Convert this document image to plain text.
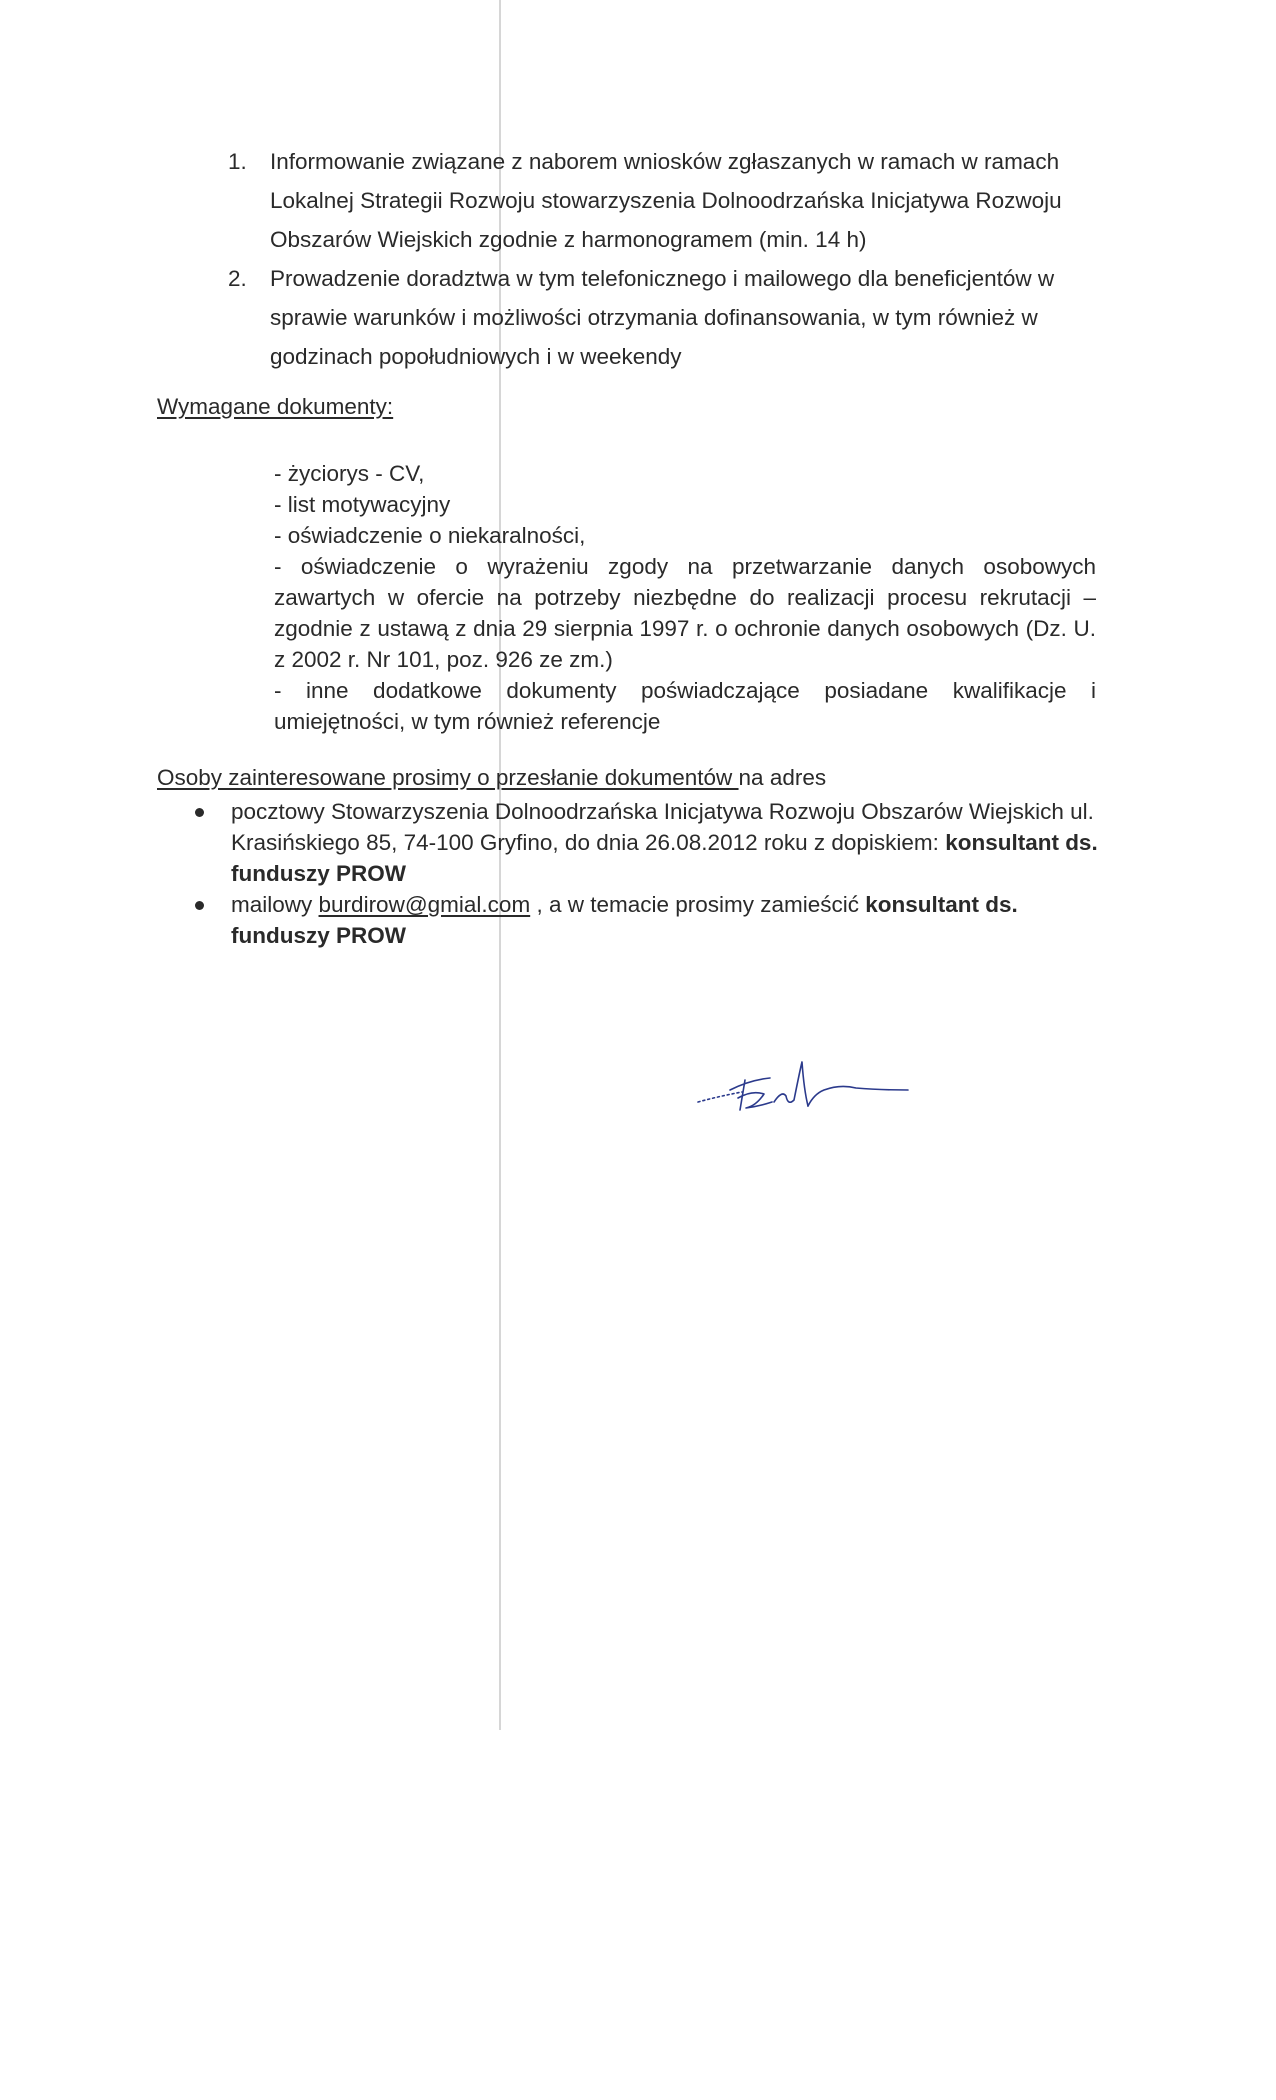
1. Informowanie związane z naborem wniosków zgłaszanych w ramach w ramach Lokalnej Strategii Rozwoju stowarzyszenia Dolnoodrzańska Inicjatywa Rozwoju Obszarów Wiejskich zgodnie z harmonogramem (min. 14 h)
2. Prowadzenie doradztwa w tym telefonicznego i mailowego dla beneficjentów w sprawie warunków i możliwości otrzymania dofinansowania, w tym również w godzinach popołudniowych i w weekendy
Wymagane dokumenty:

- życiorys - CV,

- list motywacyjny

- oświadczenie o niekaralności,

- oświadczenie o wyrażeniu zgody na przetwarzanie danych osobowych zawartych w ofercie na potrzeby niezbędne do realizacji procesu rekrutacji – zgodnie z ustawą z dnia 29 sierpnia 1997 r. o ochronie danych osobowych (Dz. U. z 2002 r. Nr 101, poz. 926 ze zm.)

- inne dodatkowe dokumenty poświadczające posiadane kwalifikacje i umiejętności, w tym również referencje

Osoby zainteresowane prosimy o przesłanie dokumentów na adres
pocztowy Stowarzyszenia Dolnoodrzańska Inicjatywa Rozwoju Obszarów Wiejskich ul. Krasińskiego 85, 74-100 Gryfino, do dnia 26.08.2012 roku z dopiskiem: konsultant ds. funduszy PROW
mailowy burdirow@gmial.com , a w temacie prosimy zamieścić konsultant ds. funduszy PROW
